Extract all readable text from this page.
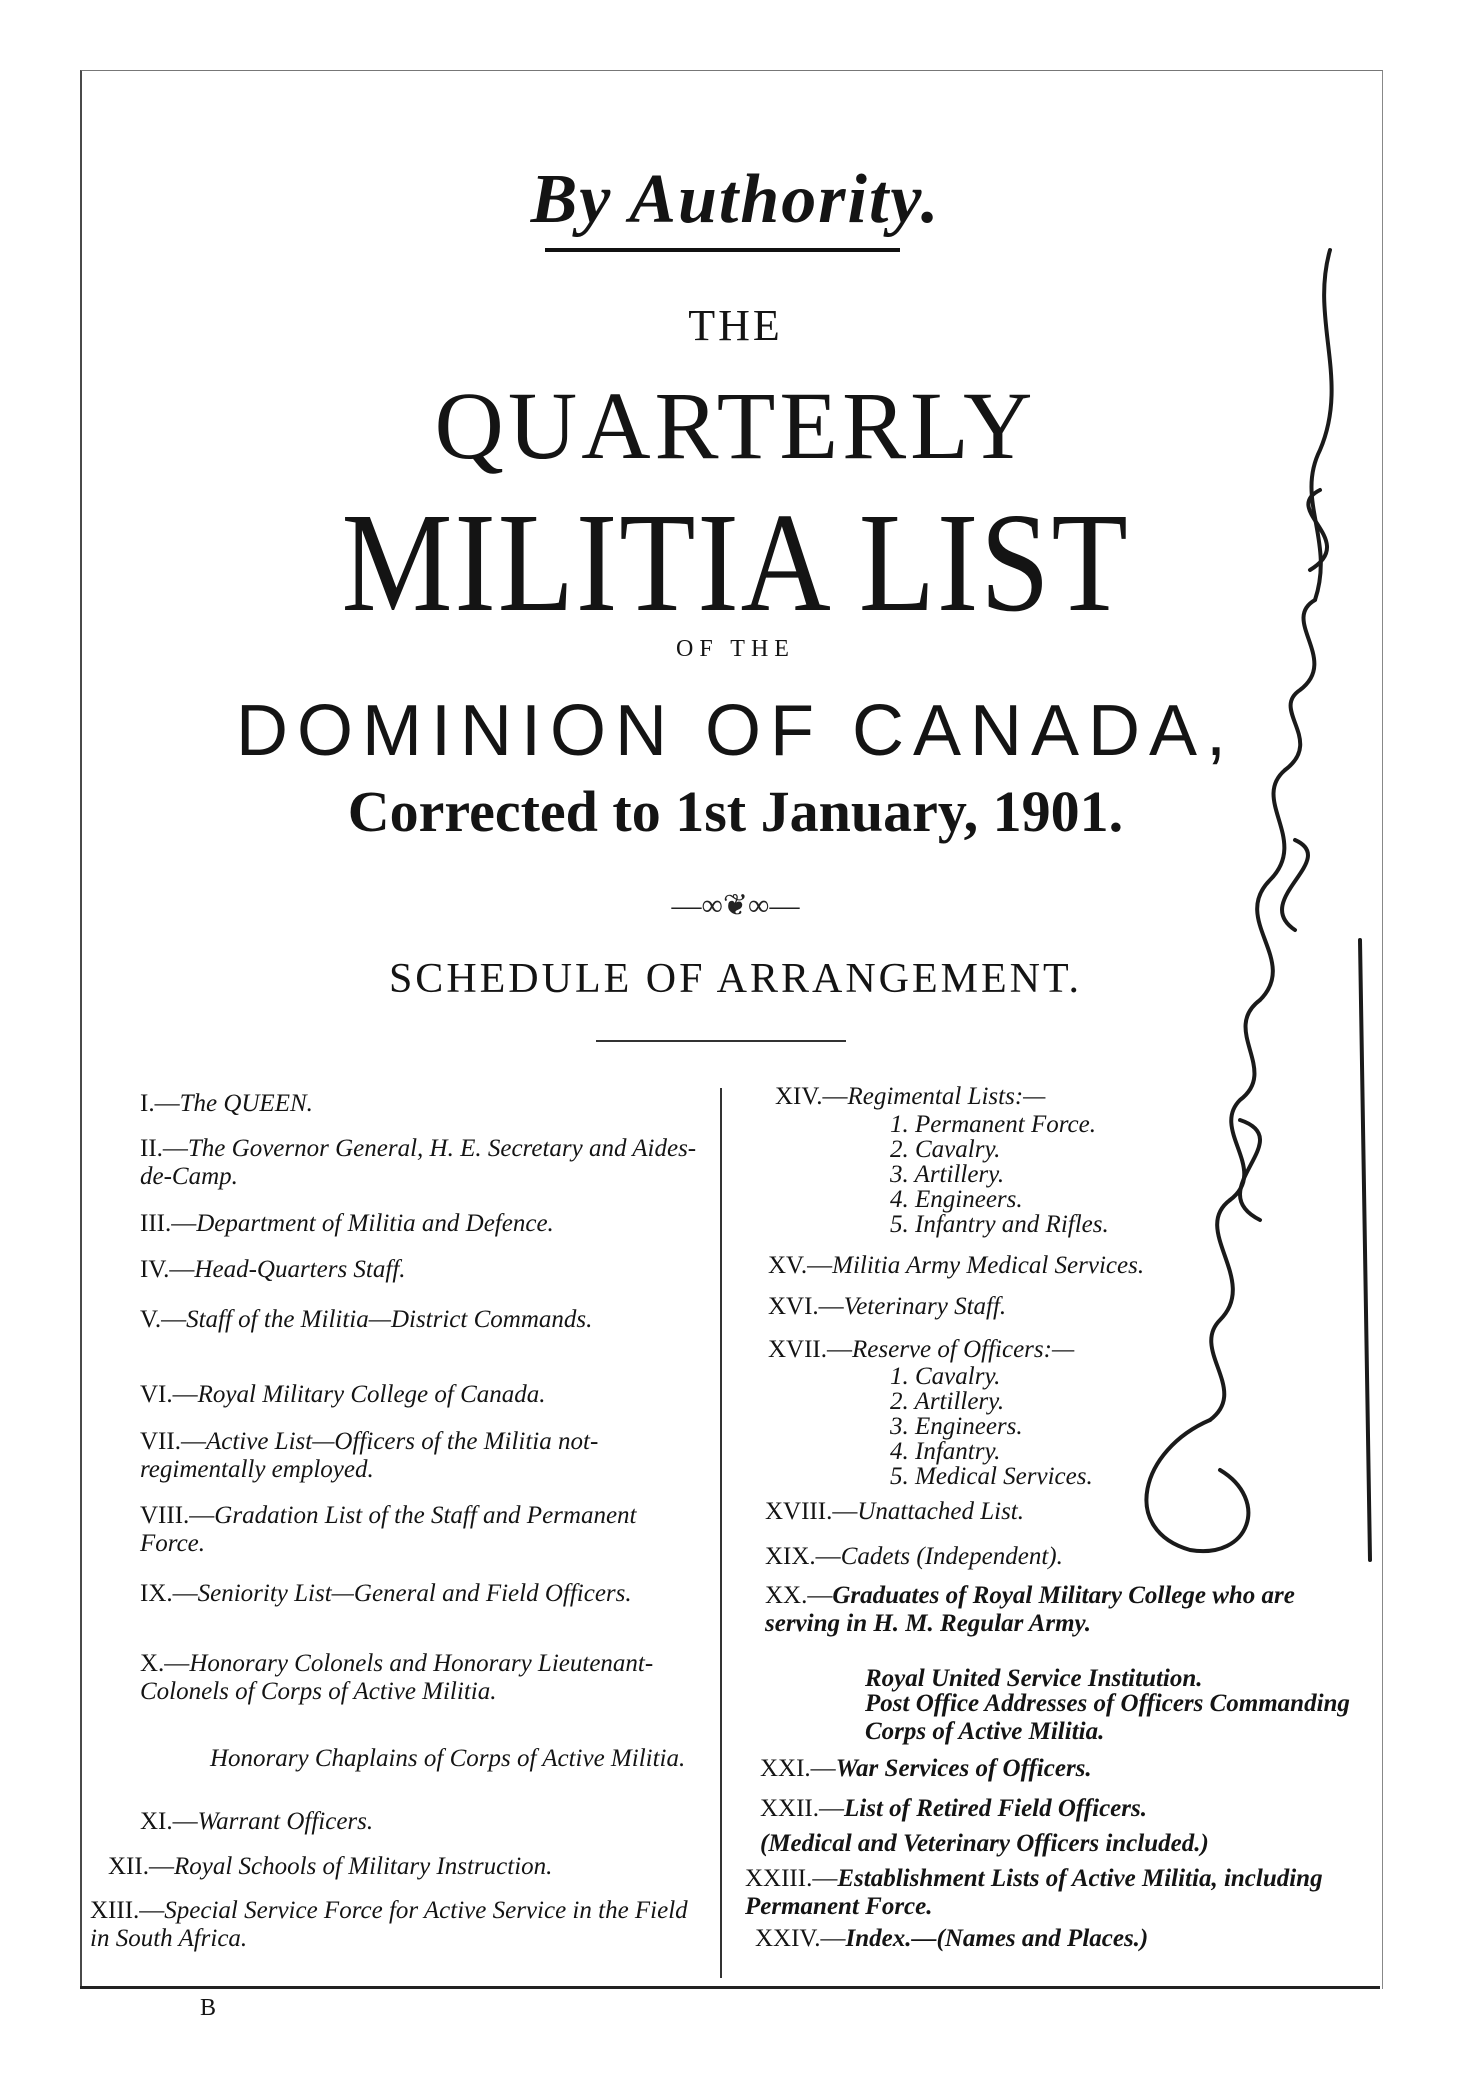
By Authority.
THE
QUARTERLY
MILITIA LIST
OF THE
DOMINION OF CANADA,
Corrected to 1st January, 1901.
—∞❦∞—
SCHEDULE OF ARRANGEMENT.
I.—The QUEEN.
II.—The Governor General, H. E. Secretary and Aides-de-Camp.
III.—Department of Militia and Defence.
IV.—Head-Quarters Staff.
V.—Staff of the Militia—District Commands.
VI.—Royal Military College of Canada.
VII.—Active List—Officers of the Militia not-regimentally employed.
VIII.—Gradation List of the Staff and Permanent Force.
IX.—Seniority List—General and Field Officers.
X.—Honorary Colonels and Honorary Lieutenant-Colonels of Corps of Active Militia.
Honorary Chaplains of Corps of Active Militia.
XI.—Warrant Officers.
XII.—Royal Schools of Military Instruction.
XIII.—Special Service Force for Active Service in the Field in South Africa.
XIV.—Regimental Lists:—
1. Permanent Force.
2. Cavalry.
3. Artillery.
4. Engineers.
5. Infantry and Rifles.
XV.—Militia Army Medical Services.
XVI.—Veterinary Staff.
XVII.—Reserve of Officers:—
1. Cavalry.
2. Artillery.
3. Engineers.
4. Infantry.
5. Medical Services.
XVIII.—Unattached List.
XIX.—Cadets (Independent).
XX.—Graduates of Royal Military College who are serving in H. M. Regular Army.
Royal United Service Institution.
Post Office Addresses of Officers Commanding Corps of Active Militia.
XXI.—War Services of Officers.
XXII.—List of Retired Field Officers.
(Medical and Veterinary Officers included.)
XXIII.—Establishment Lists of Active Militia, including Permanent Force.
XXIV.—Index.—(Names and Places.)
B
